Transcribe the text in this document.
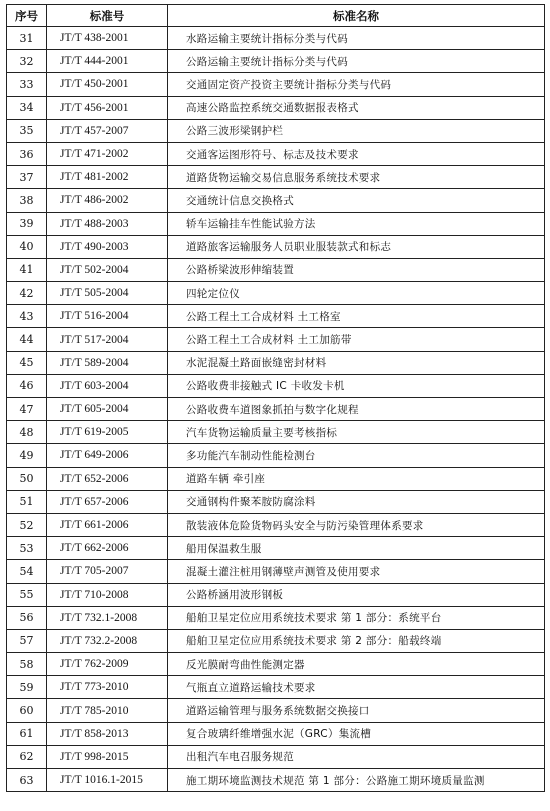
序号	标准号	标准名称
31	JT/T 438-2001	水路运输主要统计指标分类与代码
32	JT/T 444-2001	公路运输主要统计指标分类与代码
33	JT/T 450-2001	交通固定资产投资主要统计指标分类与代码
34	JT/T 456-2001	高速公路监控系统交通数据报表格式
35	JT/T 457-2007	公路三波形梁钢护栏
36	JT/T 471-2002	交通客运图形符号、标志及技术要求
37	JT/T 481-2002	道路货物运输交易信息服务系统技术要求
38	JT/T 486-2002	交通统计信息交换格式
39	JT/T 488-2003	轿车运输挂车性能试验方法
40	JT/T 490-2003	道路旅客运输服务人员职业服装款式和标志
41	JT/T 502-2004	公路桥梁波形伸缩装置
42	JT/T 505-2004	四轮定位仪
43	JT/T 516-2004	公路工程土工合成材料 土工格室
44	JT/T 517-2004	公路工程土工合成材料 土工加筋带
45	JT/T 589-2004	水泥混凝土路面嵌缝密封材料
46	JT/T 603-2004	公路收费非接触式 IC 卡收发卡机
47	JT/T 605-2004	公路收费车道图象抓拍与数字化规程
48	JT/T 619-2005	汽车货物运输质量主要考核指标
49	JT/T 649-2006	多功能汽车制动性能检测台
50	JT/T 652-2006	道路车辆 牵引座
51	JT/T 657-2006	交通钢构件聚苯胺防腐涂料
52	JT/T 661-2006	散装液体危险货物码头安全与防污染管理体系要求
53	JT/T 662-2006	船用保温救生服
54	JT/T 705-2007	混凝土灌注桩用钢薄壁声测管及使用要求
55	JT/T 710-2008	公路桥涵用波形钢板
56	JT/T 732.1-2008	船舶卫星定位应用系统技术要求 第 1 部分：系统平台
57	JT/T 732.2-2008	船舶卫星定位应用系统技术要求 第 2 部分：船载终端
58	JT/T 762-2009	反光膜耐弯曲性能测定器
59	JT/T 773-2010	气瓶直立道路运输技术要求
60	JT/T 785-2010	道路运输管理与服务系统数据交换接口
61	JT/T 858-2013	复合玻璃纤维增强水泥（GRC）集流槽
62	JT/T 998-2015	出租汽车电召服务规范
63	JT/T 1016.1-2015	施工期环境监测技术规范 第 1 部分：公路施工期环境质量监测
